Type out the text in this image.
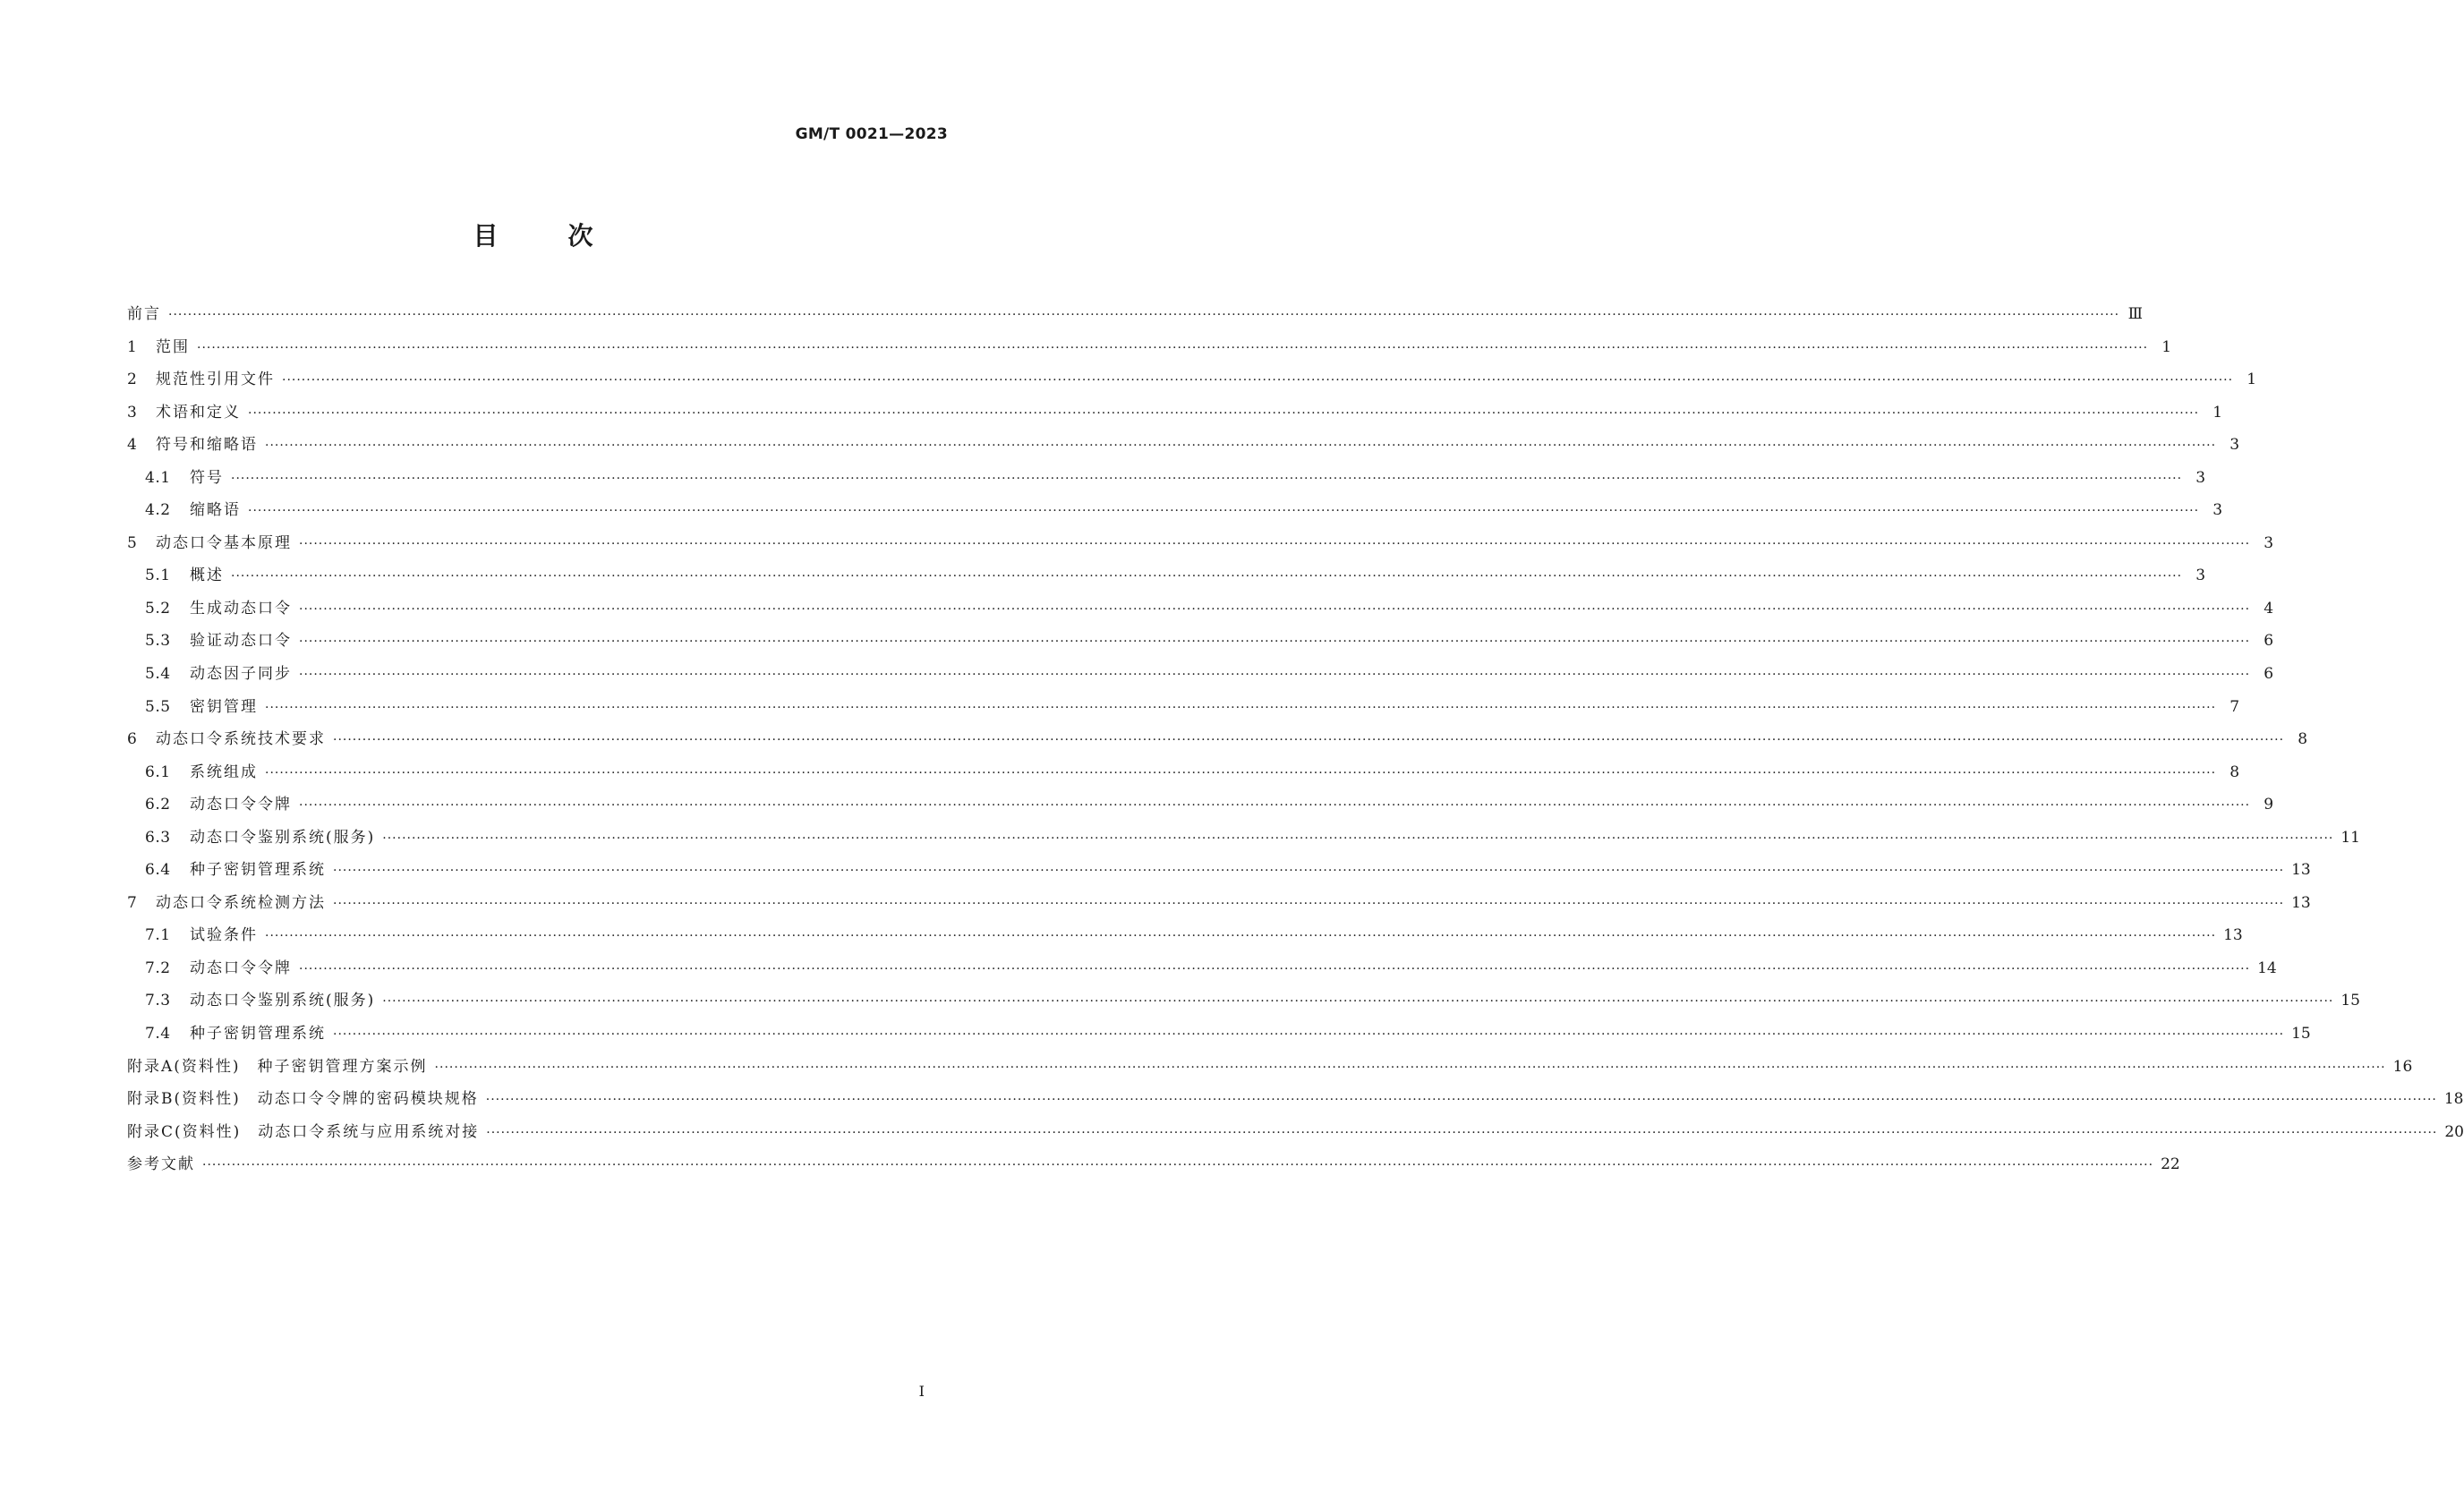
GM/T 0021—2023
目	次
前言 ················································································································································································································································································································································································································ Ⅲ
1	范围 ················································································································································································································································································································································································································ 1
2	规范性引用文件 ················································································································································································································································································································································································································ 1
3	术语和定义 ················································································································································································································································································································································································································ 1
4	符号和缩略语 ················································································································································································································································································································································································································ 3
4.1	符号 ················································································································································································································································································································································································································ 3
4.2	缩略语 ················································································································································································································································································································································································································ 3
5	动态口令基本原理 ················································································································································································································································································································································································································ 3
5.1	概述 ················································································································································································································································································································································································································ 3
5.2	生成动态口令 ················································································································································································································································································································································································································ 4
5.3	验证动态口令 ················································································································································································································································································································································································································ 6
5.4	动态因子同步 ················································································································································································································································································································································································································ 6
5.5	密钥管理 ················································································································································································································································································································································································································ 7
6	动态口令系统技术要求 ················································································································································································································································································································································································································ 8
6.1	系统组成 ················································································································································································································································································································································································································ 8
6.2	动态口令令牌 ················································································································································································································································································································································································································ 9
6.3	动态口令鉴别系统(服务) ················································································································································································································································································································································································································ 11
6.4	种子密钥管理系统 ················································································································································································································································································································································································································ 13
7	动态口令系统检测方法 ················································································································································································································································································································································································································ 13
7.1	试验条件 ················································································································································································································································································································································································································ 13
7.2	动态口令令牌 ················································································································································································································································································································································································································ 14
7.3	动态口令鉴别系统(服务) ················································································································································································································································································································································································································ 15
7.4	种子密钥管理系统 ················································································································································································································································································································································································································ 15
附录A(资料性)　种子密钥管理方案示例 ················································································································································································································································································································································································································ 16
附录B(资料性)　动态口令令牌的密码模块规格 ················································································································································································································································································································································································································ 18
附录C(资料性)　动态口令系统与应用系统对接 ················································································································································································································································································································································································································ 20
参考文献 ················································································································································································································································································································································································································ 22
Ⅰ
